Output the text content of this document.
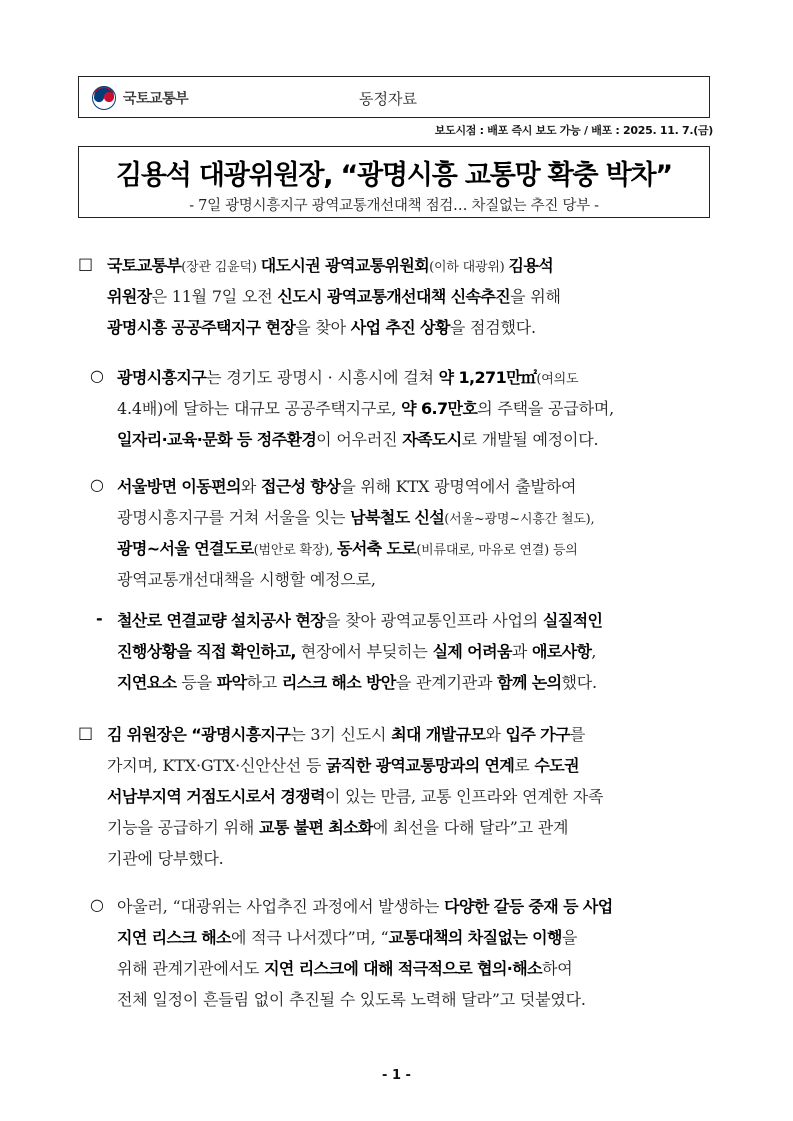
국토교통부	동정자료
보도시점 : 배포 즉시 보도 가능 / 배포 : 2025. 11. 7.(금)
김용석 대광위원장, “광명시흥 교통망 확충 박차”
- 7일 광명시흥지구 광역교통개선대책 점검… 차질없는 추진 당부 -
□ 국토교통부(장관 김윤덕) 대도시권 광역교통위원회(이하 대광위) 김용석
위원장은 11월 7일 오전 신도시 광역교통개선대책 신속추진을 위해
광명시흥 공공주택지구 현장을 찾아 사업 추진 상황을 점검했다.
○ 광명시흥지구는 경기도 광명시 · 시흥시에 걸쳐 약 1,271만㎡(여의도
4.4배)에 달하는 대규모 공공주택지구로, 약 6.7만호의 주택을 공급하며,
일자리·교육·문화 등 정주환경이 어우러진 자족도시로 개발될 예정이다.
○ 서울방면 이동편의와 접근성 향상을 위해 KTX 광명역에서 출발하여
광명시흥지구를 거쳐 서울을 잇는 남북철도 신설(서울~광명~시흥간 철도),
광명~서울 연결도로(범안로 확장), 동서축 도로(비류대로, 마유로 연결) 등의
광역교통개선대책을 시행할 예정으로,
- 철산로 연결교량 설치공사 현장을 찾아 광역교통인프라 사업의 실질적인
진행상황을 직접 확인하고, 현장에서 부딪히는 실제 어려움과 애로사항,
지연요소 등을 파악하고 리스크 해소 방안을 관계기관과 함께 논의했다.
□ 김 위원장은 “광명시흥지구는 3기 신도시 최대 개발규모와 입주 가구를
가지며, KTX·GTX·신안산선 등 굵직한 광역교통망과의 연계로 수도권
서남부지역 거점도시로서 경쟁력이 있는 만큼, 교통 인프라와 연계한 자족
기능을 공급하기 위해 교통 불편 최소화에 최선을 다해 달라”고 관계
기관에 당부했다.
○ 아울러, “대광위는 사업추진 과정에서 발생하는 다양한 갈등 중재 등 사업
지연 리스크 해소에 적극 나서겠다”며, “교통대책의 차질없는 이행을
위해 관계기관에서도 지연 리스크에 대해 적극적으로 협의·해소하여
전체 일정이 흔들림 없이 추진될 수 있도록 노력해 달라”고 덧붙였다.
- 1 -
